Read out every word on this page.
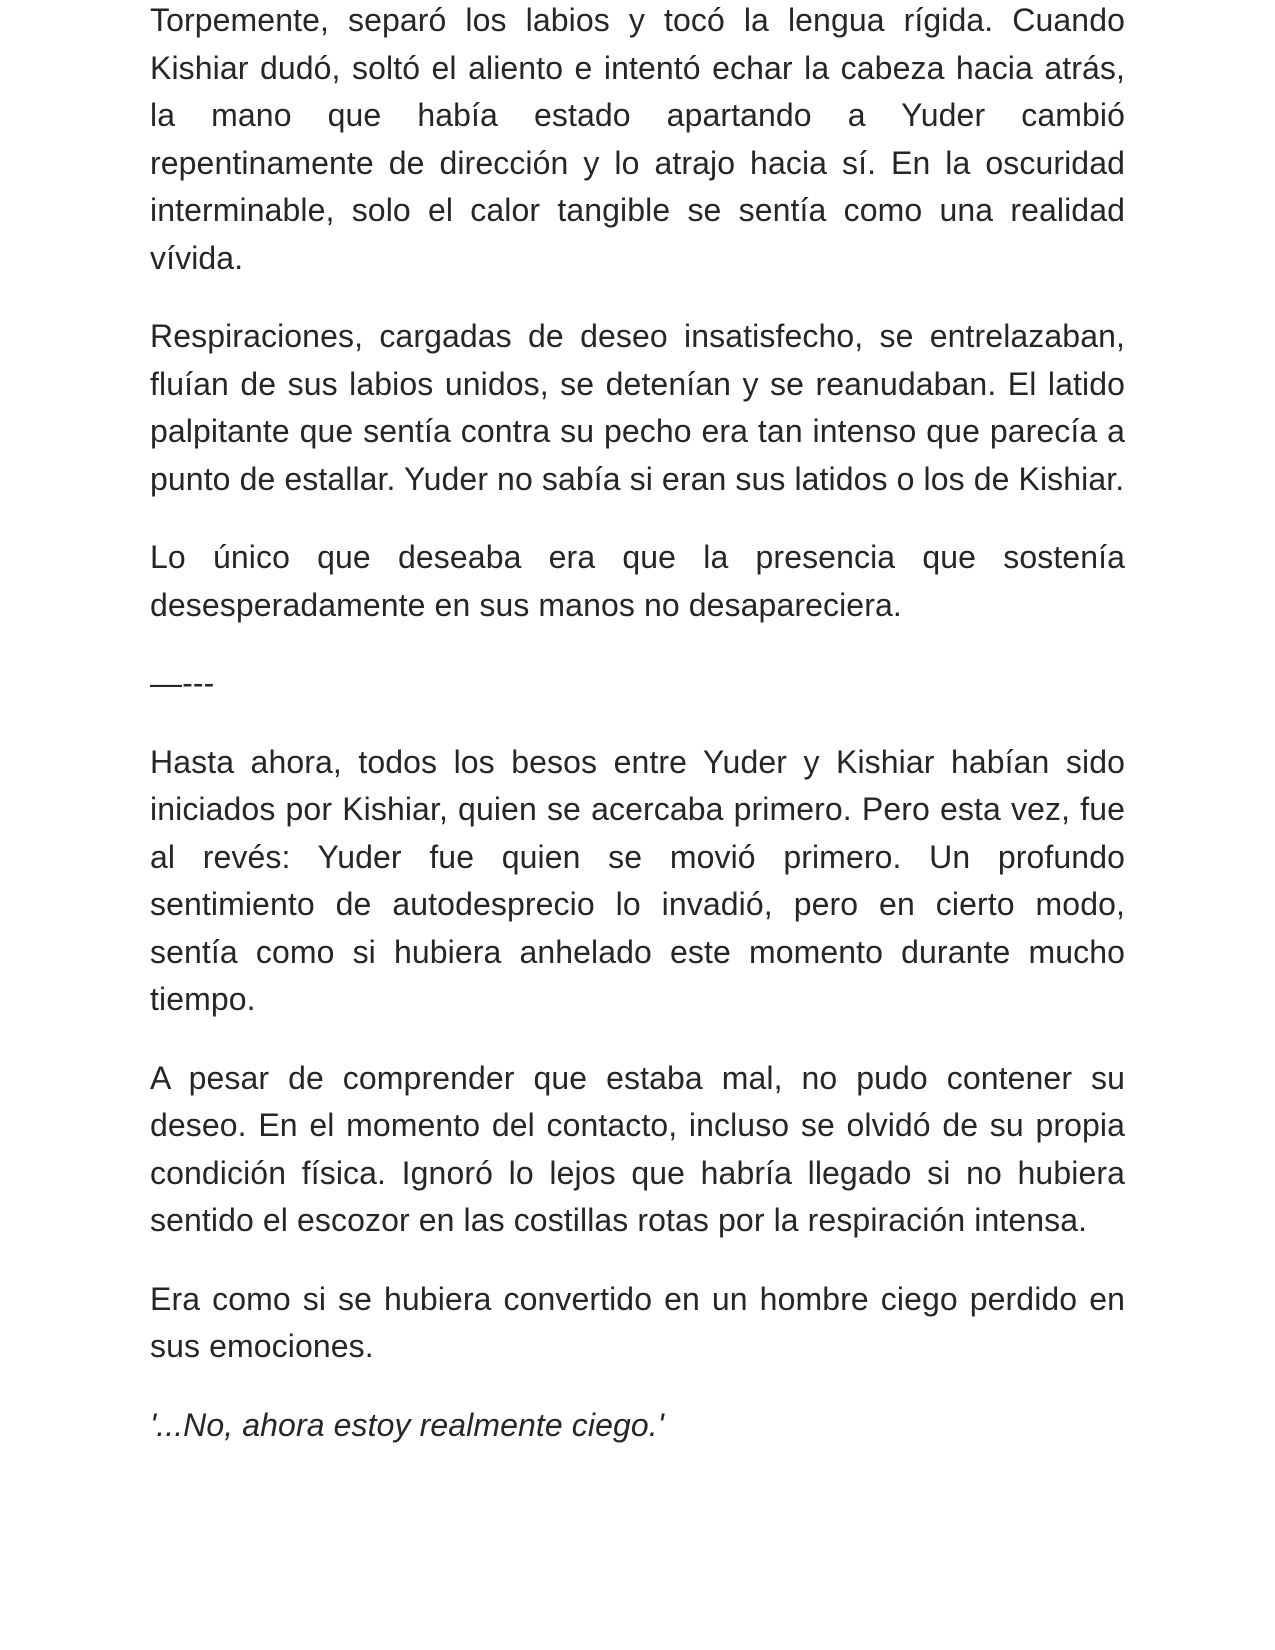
Torpemente, separó los labios y tocó la lengua rígida. Cuando Kishiar dudó, soltó el aliento e intentó echar la cabeza hacia atrás, la mano que había estado apartando a Yuder cambió repentinamente de dirección y lo atrajo hacia sí. En la oscuridad interminable, solo el calor tangible se sentía como una realidad vívida.

Respiraciones, cargadas de deseo insatisfecho, se entrelazaban, fluían de sus labios unidos, se detenían y se reanudaban. El latido palpitante que sentía contra su pecho era tan intenso que parecía a punto de estallar. Yuder no sabía si eran sus latidos o los de Kishiar.

Lo único que deseaba era que la presencia que sostenía desesperadamente en sus manos no desapareciera.

—---

Hasta ahora, todos los besos entre Yuder y Kishiar habían sido iniciados por Kishiar, quien se acercaba primero. Pero esta vez, fue al revés: Yuder fue quien se movió primero. Un profundo sentimiento de autodesprecio lo invadió, pero en cierto modo, sentía como si hubiera anhelado este momento durante mucho tiempo.

A pesar de comprender que estaba mal, no pudo contener su deseo. En el momento del contacto, incluso se olvidó de su propia condición física. Ignoró lo lejos que habría llegado si no hubiera sentido el escozor en las costillas rotas por la respiración intensa.

Era como si se hubiera convertido en un hombre ciego perdido en sus emociones.

'...No, ahora estoy realmente ciego.'
